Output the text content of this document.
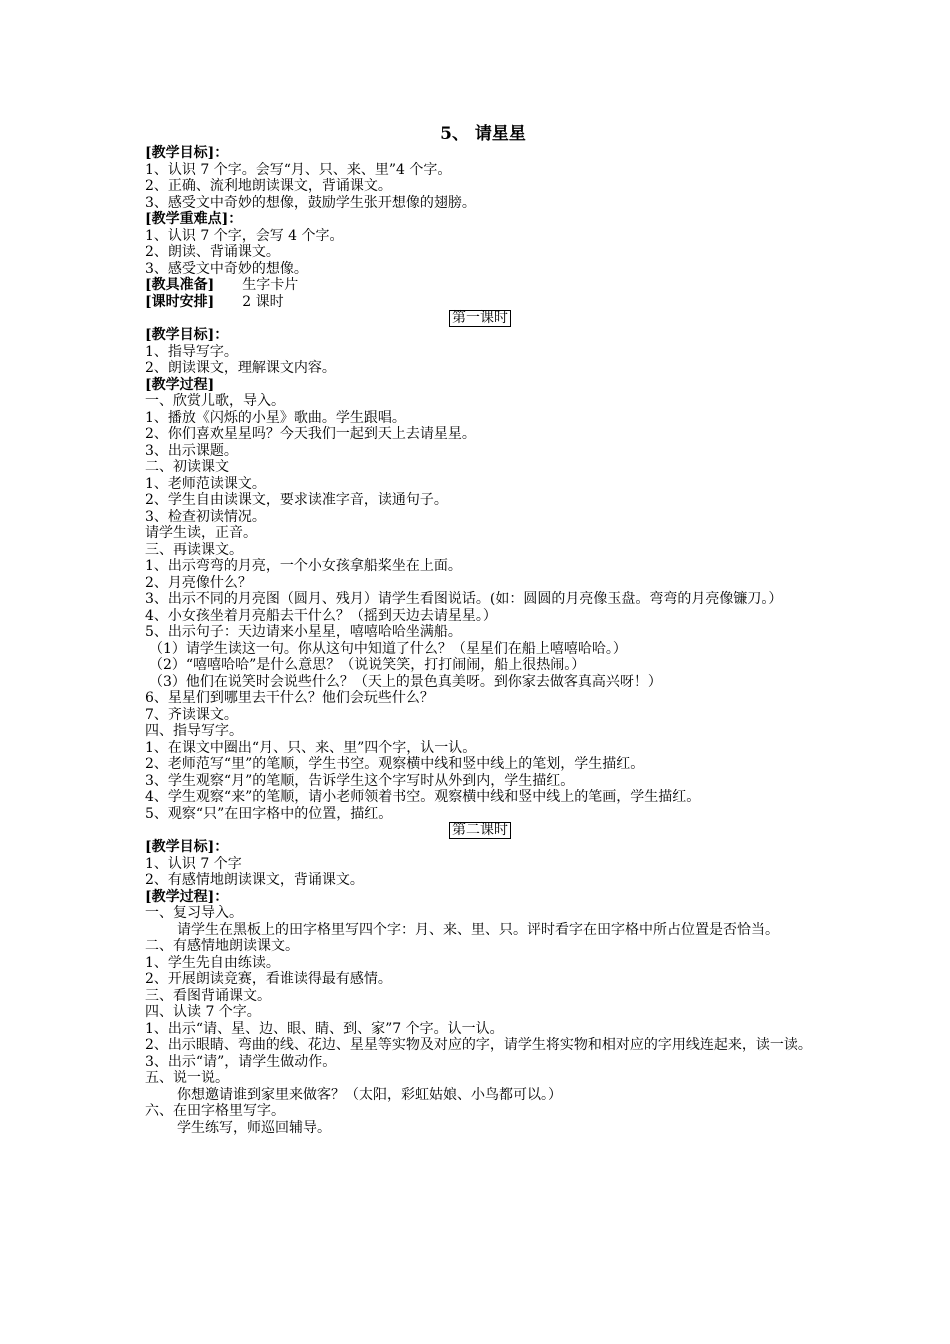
5、 请星星
[教学目标]：
1、认识 7 个字。会写“月、只、来、里”4 个字。
2、正确、流利地朗读课文，背诵课文。
3、感受文中奇妙的想像，鼓励学生张开想像的翅膀。
[教学重难点]：
1、认识 7 个字，会写 4 个字。
2、朗读、背诵课文。
3、感受文中奇妙的想像。
[教具准备] 生字卡片
[课时安排] 2 课时
第一课时
[教学目标]：
1、指导写字。
2、朗读课文，理解课文内容。
[教学过程]
一、欣赏儿歌，导入。
1、播放《闪烁的小星》歌曲。学生跟唱。
2、你们喜欢星星吗？今天我们一起到天上去请星星。
3、出示课题。
二、初读课文
1、老师范读课文。
2、学生自由读课文，要求读准字音，读通句子。
3、检查初读情况。
请学生读，正音。
三、再读课文。
1、出示弯弯的月亮，一个小女孩拿船桨坐在上面。
2、月亮像什么？
3、出示不同的月亮图（圆月、残月）请学生看图说话。(如：圆圆的月亮像玉盘。弯弯的月亮像镰刀。）
4、小女孩坐着月亮船去干什么？（摇到天边去请星星。）
5、出示句子：天边请来小星星，嘻嘻哈哈坐满船。
（1）请学生读这一句。你从这句中知道了什么？（星星们在船上嘻嘻哈哈。）
（2）“嘻嘻哈哈”是什么意思？（说说笑笑，打打闹闹，船上很热闹。）
（3）他们在说笑时会说些什么？（天上的景色真美呀。到你家去做客真高兴呀！）
6、星星们到哪里去干什么？他们会玩些什么？
7、齐读课文。
四、指导写字。
1、在课文中圈出“月、只、来、里”四个字，认一认。
2、老师范写“里”的笔顺，学生书空。观察横中线和竖中线上的笔划，学生描红。
3、学生观察“月”的笔顺，告诉学生这个字写时从外到内，学生描红。
4、学生观察“来”的笔顺，请小老师领着书空。观察横中线和竖中线上的笔画，学生描红。
5、观察“只”在田字格中的位置，描红。
第二课时
[教学目标]：
1、认识 7 个字
2、有感情地朗读课文，背诵课文。
[教学过程]：
一、复习导入。
请学生在黑板上的田字格里写四个字：月、来、里、只。评时看字在田字格中所占位置是否恰当。
二、有感情地朗读课文。
1、学生先自由练读。
2、开展朗读竞赛，看谁读得最有感情。
三、看图背诵课文。
四、认读 7 个字。
1、出示“请、星、边、眼、睛、到、家”7 个字。认一认。
2、出示眼睛、弯曲的线、花边、星星等实物及对应的字，请学生将实物和相对应的字用线连起来，读一读。
3、出示“请”，请学生做动作。
五、说一说。
你想邀请谁到家里来做客？（太阳，彩虹姑娘、小鸟都可以。）
六、在田字格里写字。
学生练写，师巡回辅导。
